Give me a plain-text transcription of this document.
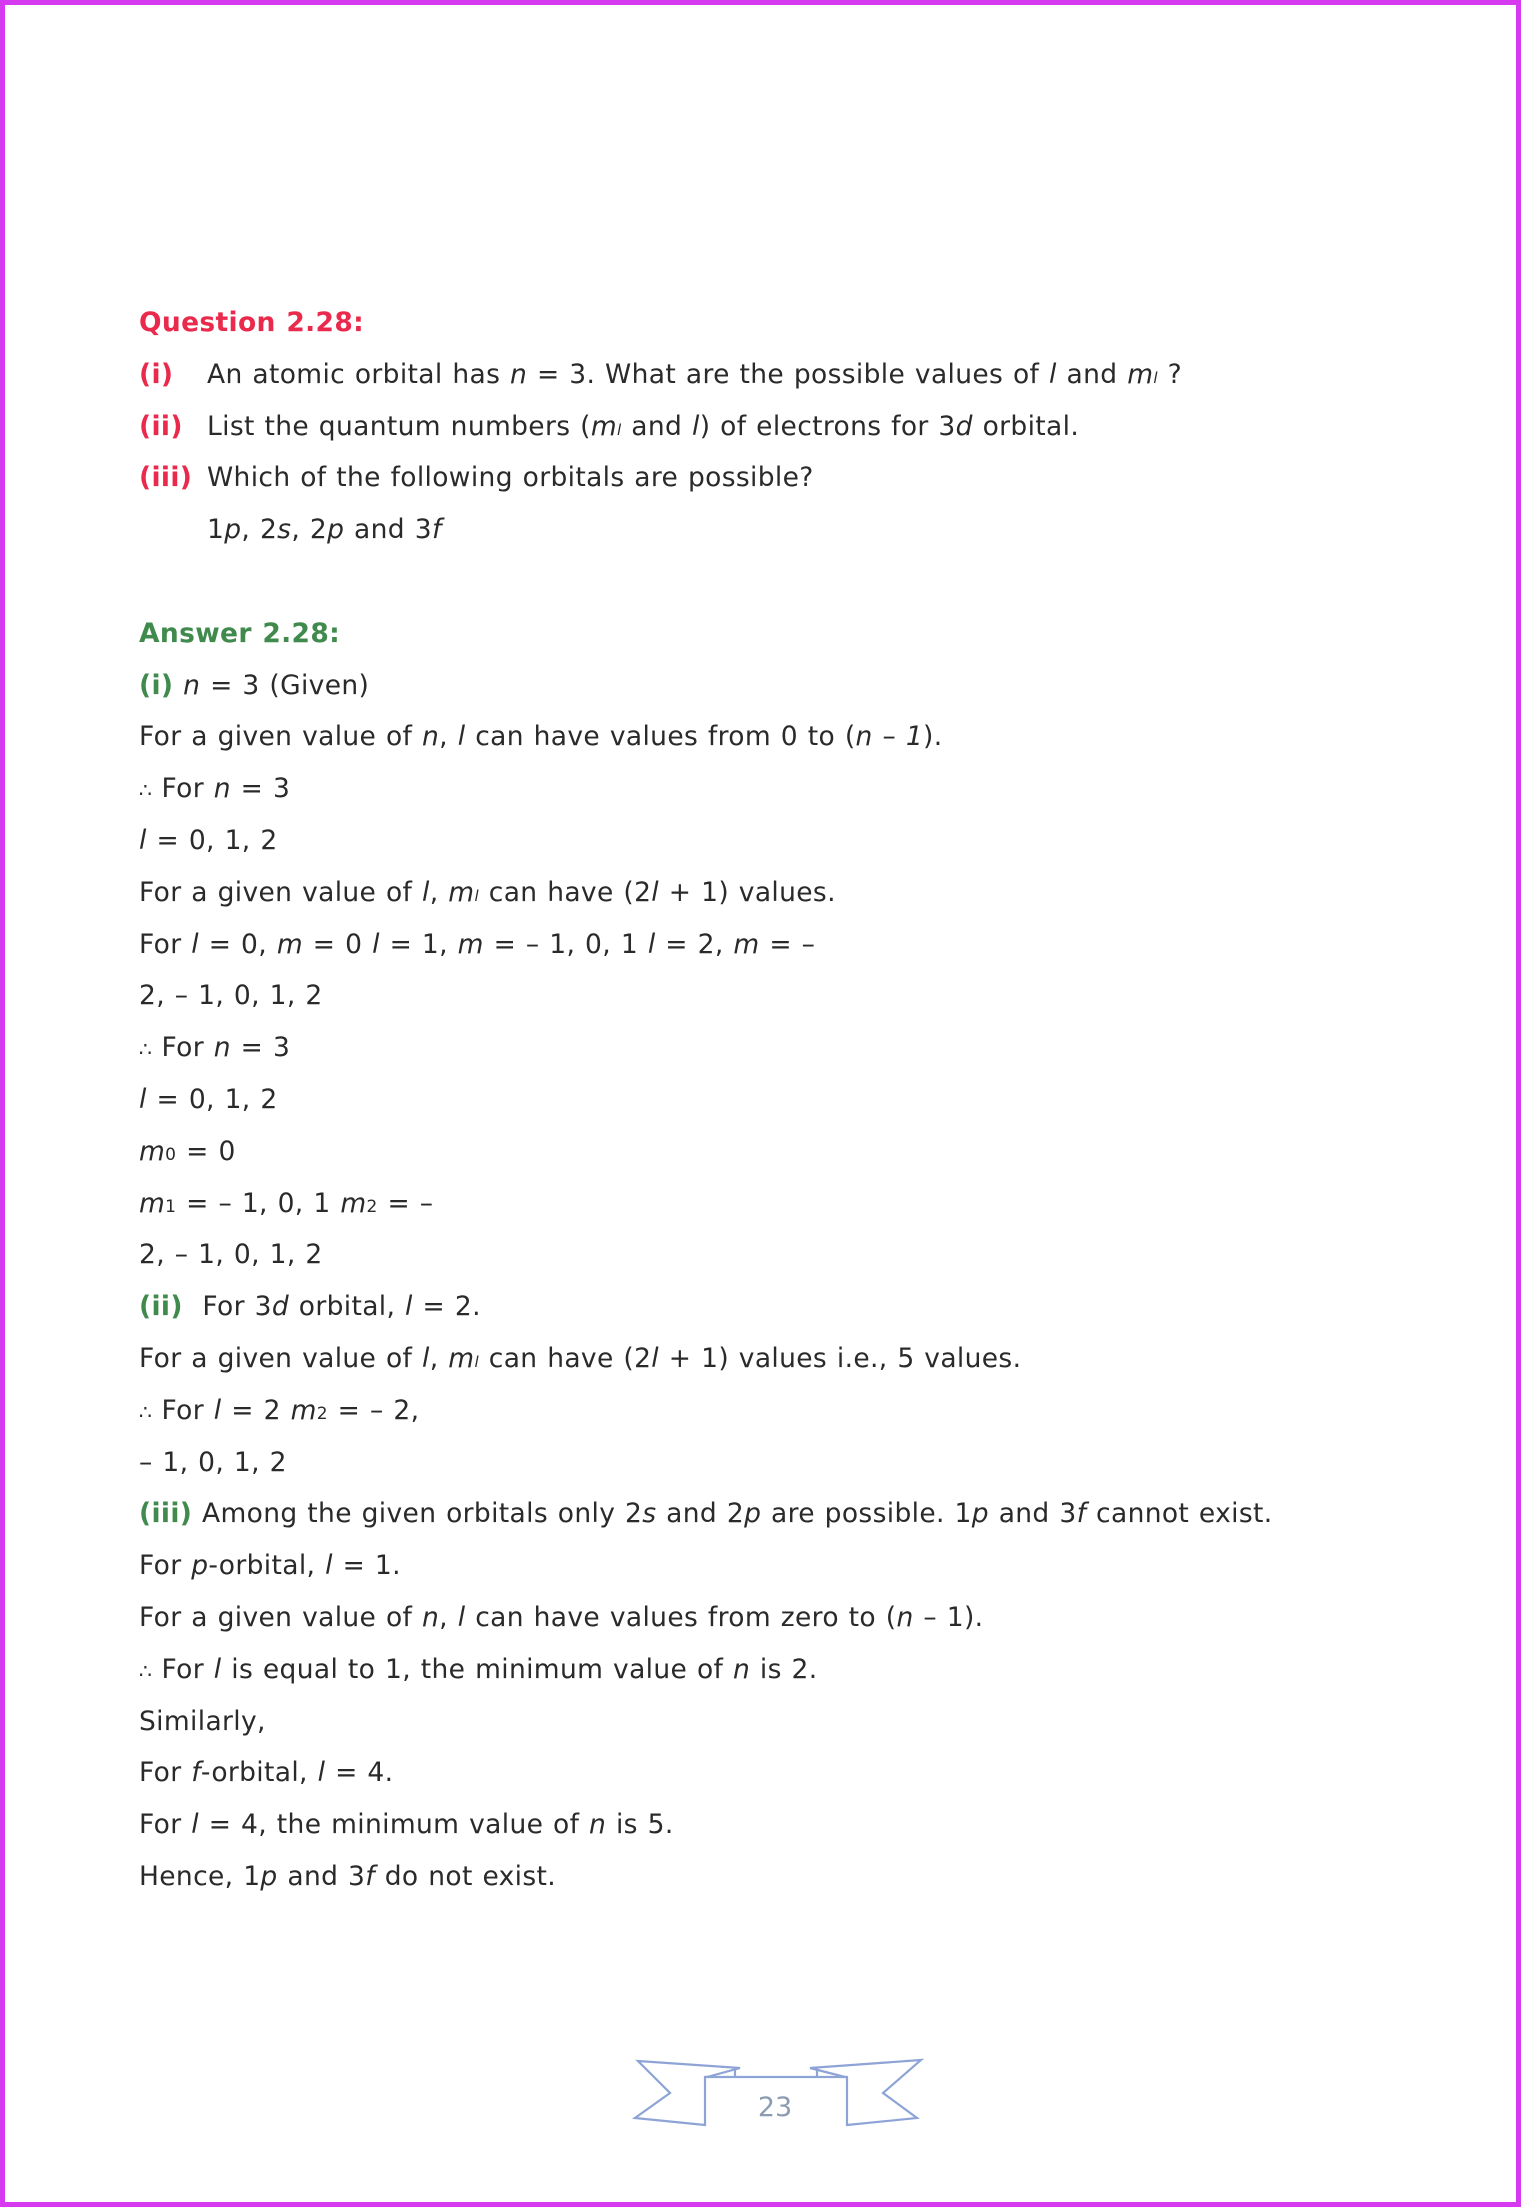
Question 2.28:
(i)	An atomic orbital has n = 3. What are the possible values of l and ml ?
(ii) List the quantum numbers (ml and l) of electrons for 3d orbital.
(iii) Which of the following orbitals are possible?
1p, 2s, 2p and 3f
Answer 2.28:
(i) n = 3 (Given)
For a given value of n, l can have values from 0 to (n – 1).
∴ For n = 3
l = 0, 1, 2
For a given value of l, ml can have (2l + 1) values.
For l = 0, m = 0 l = 1, m = – 1, 0, 1 l = 2, m = –
2, – 1, 0, 1, 2
∴ For n = 3
l = 0, 1, 2
m0 = 0
m1 = – 1, 0, 1 m2 = –
2, – 1, 0, 1, 2
(ii) For 3d orbital, l = 2.
For a given value of l, ml can have (2l + 1) values i.e., 5 values.
∴ For l = 2 m2 = – 2,
– 1, 0, 1, 2
(iii) Among the given orbitals only 2s and 2p are possible. 1p and 3f cannot exist.
For p-orbital, l = 1.
For a given value of n, l can have values from zero to (n – 1).
∴ For l is equal to 1, the minimum value of n is 2.
Similarly,
For f-orbital, l = 4.
For l = 4, the minimum value of n is 5.
Hence, 1p and 3f do not exist.
23
